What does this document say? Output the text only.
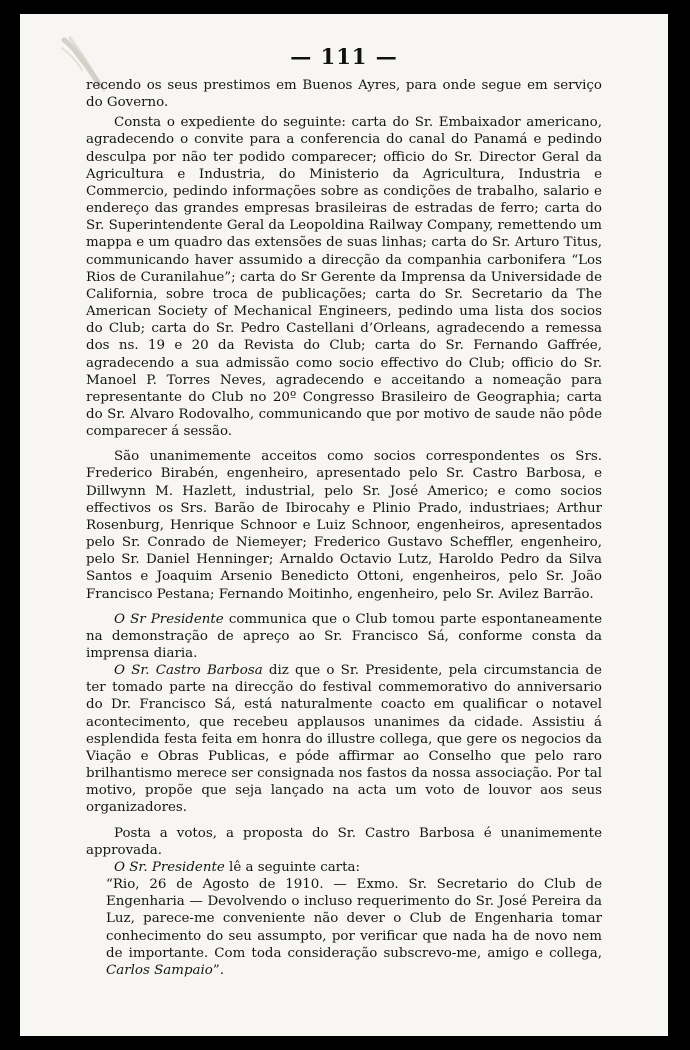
— 111 —

recendo os seus prestimos em Buenos Ayres, para onde segue em serviço do Governo.

Consta o expediente do seguinte: carta do Sr. Embaixador americano, agradecendo o convite para a conferencia do canal do Panamá e pedindo desculpa por não ter podido comparecer; officio do Sr. Director Geral da Agricultura e Industria, do Ministerio da Agricultura, Industria e Commercio, pedindo informações sobre as condições de trabalho, salario e endereço das grandes empresas brasileiras de estradas de ferro; carta do Sr. Superintendente Geral da Leopoldina Railway Company, remettendo um mappa e um quadro das extensões de suas linhas; carta do Sr. Arturo Titus, communicando haver assumido a direcção da companhia carbonifera “Los Rios de Curanilahue”; carta do Sr Gerente da Imprensa da Universidade de California, sobre troca de publicações; carta do Sr. Secretario da The American Society of Mechanical Engineers, pedindo uma lista dos socios do Club; carta do Sr. Pedro Castellani d’Orleans, agradecendo a remessa dos ns. 19 e 20 da Revista do Club; carta do Sr. Fernando Gaffrée, agradecendo a sua admissão como socio effectivo do Club; officio do Sr. Manoel P. Torres Neves, agradecendo e acceitando a nomeação para representante do Club no 20º Congresso Brasileiro de Geographia; carta do Sr. Alvaro Rodovalho, communicando que por motivo de saude não pôde comparecer á sessão.

São unanimemente acceitos como socios correspondentes os Srs. Frederico Birabén, engenheiro, apresentado pelo Sr. Castro Barbosa, e Dillwynn M. Hazlett, industrial, pelo Sr. José Americo; e como socios effectivos os Srs. Barão de Ibirocahy e Plinio Prado, industriaes; Arthur Rosenburg, Henrique Schnoor e Luiz Schnoor, engenheiros, apresentados pelo Sr. Conrado de Niemeyer; Frederico Gustavo Scheffler, engenheiro, pelo Sr. Daniel Henninger; Arnaldo Octavio Lutz, Haroldo Pedro da Silva Santos e Joaquim Arsenio Benedicto Ottoni, engenheiros, pelo Sr. João Francisco Pestana; Fernando Moitinho, engenheiro, pelo Sr. Avilez Barrão.

O Sr Presidente communica que o Club tomou parte espontaneamente na demonstração de apreço ao Sr. Francisco Sá, conforme consta da imprensa diaria.

O Sr. Castro Barbosa diz que o Sr. Presidente, pela circumstancia de ter tomado parte na direcção do festival commemorativo do anniversario do Dr. Francisco Sá, está naturalmente coacto em qualificar o notavel acontecimento, que recebeu applausos unanimes da cidade. Assistiu á esplendida festa feita em honra do illustre collega, que gere os negocios da Viação e Obras Publicas, e póde affirmar ao Conselho que pelo raro brilhantismo merece ser consignada nos fastos da nossa associação. Por tal motivo, propõe que seja lançado na acta um voto de louvor aos seus organizadores.

Posta a votos, a proposta do Sr. Castro Barbosa é unanimemente approvada.

O Sr. Presidente lê a seguinte carta:

“Rio, 26 de Agosto de 1910. — Exmo. Sr. Secretario do Club de Engenharia — Devolvendo o incluso requerimento do Sr. José Pereira da Luz, parece-me conveniente não dever o Club de Engenharia tomar conhecimento do seu assumpto, por verificar que nada ha de novo nem de importante. Com toda consideração subscrevo-me, amigo e collega, Carlos Sampaio”.
